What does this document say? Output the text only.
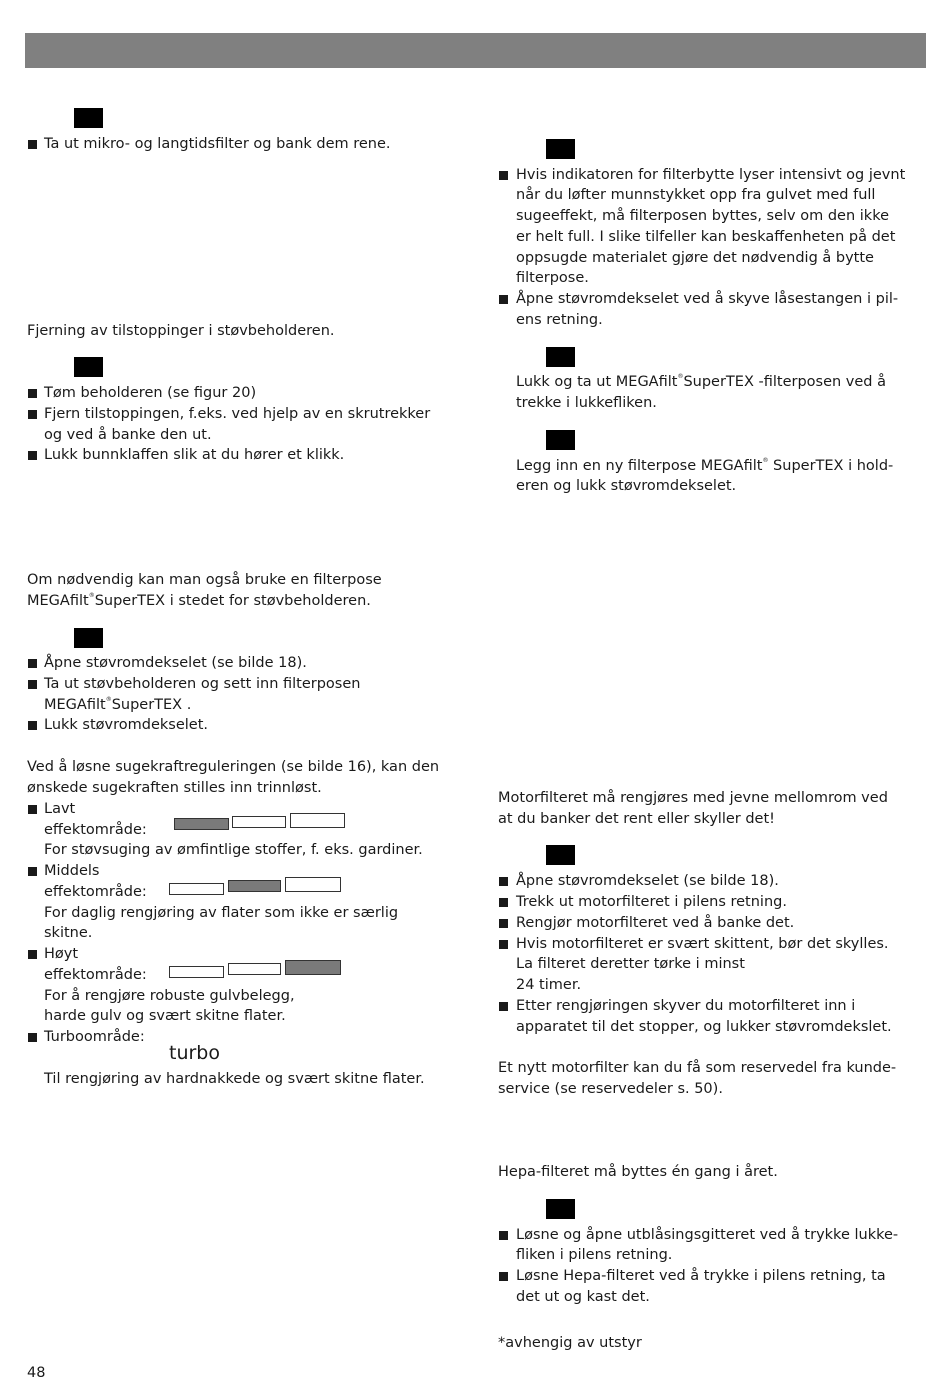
Ta ut mikro- og langtidsfilter og bank dem rene.
Fjerning av tilstoppinger i støvbeholderen.
Tøm beholderen (se figur 20)
Fjern tilstoppingen, f.eks. ved hjelp av en skrutrekker
og ved å banke den ut.
Lukk bunnklaffen slik at du hører et klikk.
Om nødvendig kan man også bruke en filterpose
MEGAfilt®SuperTEX i stedet for støvbeholderen.
Åpne støvromdekselet (se bilde 18).
Ta ut støvbeholderen og sett inn filterposen
MEGAfilt®SuperTEX .
Lukk støvromdekselet.
Ved å løsne sugekraftreguleringen (se bilde 16), kan den
ønskede sugekraften stilles inn trinnløst.
Lavt
effektområde:
For støvsuging av ømfintlige stoffer, f. eks. gardiner.
Middels
effektområde:
For daglig rengjøring av flater som ikke er særlig
skitne.
Høyt
effektområde:
For å rengjøre robuste gulvbelegg,
harde gulv og svært skitne flater.
Turboområde:
turbo
Til rengjøring av hardnakkede og svært skitne flater.
48
Hvis indikatoren for filterbytte lyser intensivt og jevnt
når du løfter munnstykket opp fra gulvet med full
sugeeffekt, må filterposen byttes, selv om den ikke
er helt full. I slike tilfeller kan beskaffenheten på det
oppsugde materialet gjøre det nødvendig å bytte
filterpose.
Åpne støvromdekselet ved å skyve låsestangen i pil-
ens retning.
Lukk og ta ut MEGAfilt®SuperTEX -filterposen ved å
trekke i lukkefliken.
Legg inn en ny filterpose MEGAfilt® SuperTEX i hold-
eren og lukk støvromdekselet.
Motorfilteret må rengjøres med jevne mellomrom ved
at du banker det rent eller skyller det!
Åpne støvromdekselet (se bilde 18).
Trekk ut motorfilteret i pilens retning.
Rengjør motorfilteret ved å banke det.
Hvis motorfilteret er svært skittent, bør det skylles.
La filteret deretter tørke i minst
24 timer.
Etter rengjøringen skyver du motorfilteret inn i
apparatet til det stopper, og lukker støvromdekslet.
Et nytt motorfilter kan du få som reservedel fra kunde-
service (se reservedeler s. 50).
Hepa-filteret må byttes én gang i året.
Løsne og åpne utblåsingsgitteret ved å trykke lukke-
fliken i pilens retning.
Løsne Hepa-filteret ved å trykke i pilens retning, ta
det ut og kast det.
*avhengig av utstyr
